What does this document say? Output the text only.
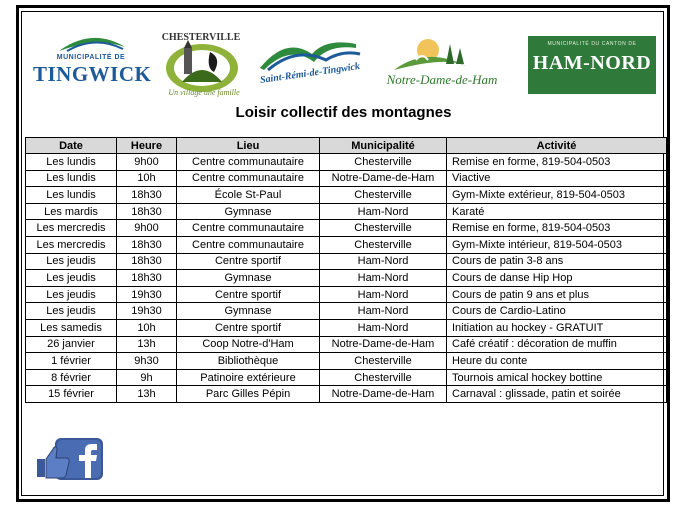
MUNICIPALITÉ DE
TINGWICK
CHESTERVILLE
Un village une famille
Saint-Rémi-de-Tingwick	Notre-Dame-de-Ham
MUNICIPALITÉ DU CANTON DE
HAM-NORD
Loisir collectif des montagnes
Date	Heure	Lieu	Municipalité	Activité
Les lundis	9h00	Centre communautaire	Chesterville	Remise en forme, 819-504-0503
Les lundis	10h	Centre communautaire	Notre-Dame-de-Ham	Viactive
Les lundis	18h30	École St-Paul	Chesterville	Gym-Mixte extérieur, 819-504-0503
Les mardis	18h30	Gymnase	Ham-Nord	Karaté
Les mercredis	9h00	Centre communautaire	Chesterville	Remise en forme, 819-504-0503
Les mercredis	18h30	Centre communautaire	Chesterville	Gym-Mixte intérieur, 819-504-0503
Les jeudis	18h30	Centre sportif	Ham-Nord	Cours de patin 3-8 ans
Les jeudis	18h30	Gymnase	Ham-Nord	Cours de danse Hip Hop
Les jeudis	19h30	Centre sportif	Ham-Nord	Cours de patin 9 ans et plus
Les jeudis	19h30	Gymnase	Ham-Nord	Cours de Cardio-Latino
Les samedis	10h	Centre sportif	Ham-Nord	Initiation au hockey - GRATUIT
26 janvier	13h	Coop Notre-d'Ham	Notre-Dame-de-Ham	Café créatif : décoration de muffin
1 février	9h30	Bibliothèque	Chesterville	Heure du conte
8 février	9h	Patinoire extérieure	Chesterville	Tournois amical hockey bottine
15 février	13h	Parc Gilles Pépin	Notre-Dame-de-Ham	Carnaval : glissade, patin et soirée
